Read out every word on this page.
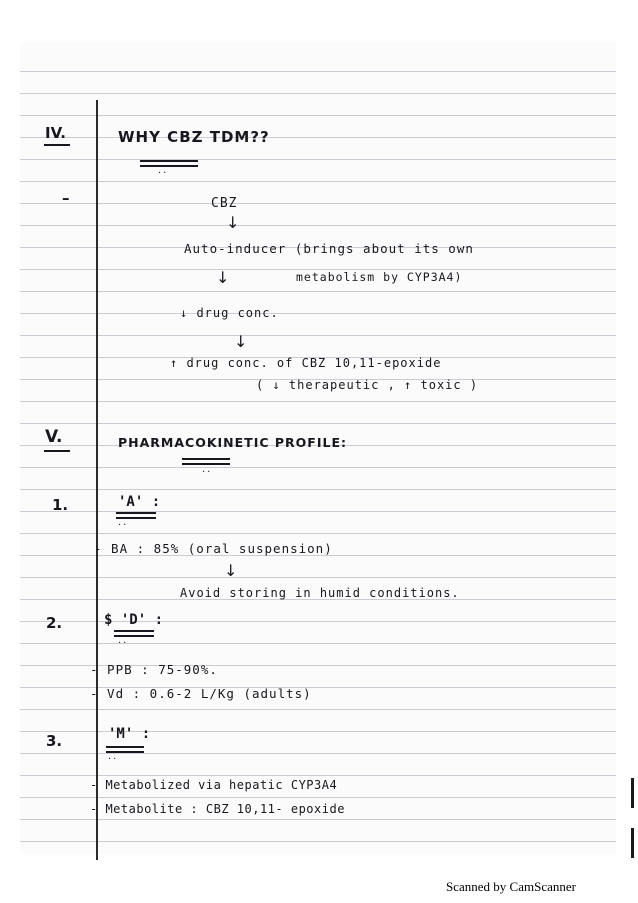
IV.	WHY CBZ TDM??
··
–	CBZ
↓
Auto-inducer (brings about its own
↓	metabolism by CYP3A4)
↓ drug conc.
↓
↑ drug conc. of CBZ 10,11-epoxide
( ↓ therapeutic , ↑ toxic )
V.	PHARMACOKINETIC PROFILE:
··
1.	'A' :
··
- BA : 85% (oral suspension)
↓
Avoid storing in humid conditions.
2.	$ 'D' :
··
- PPB : 75-90%.
- Vd : 0.6-2 L/Kg (adults)
3.	'M' :
··
- Metabolized via hepatic CYP3A4
- Metabolite : CBZ 10,11- epoxide
Scanned by CamScanner
